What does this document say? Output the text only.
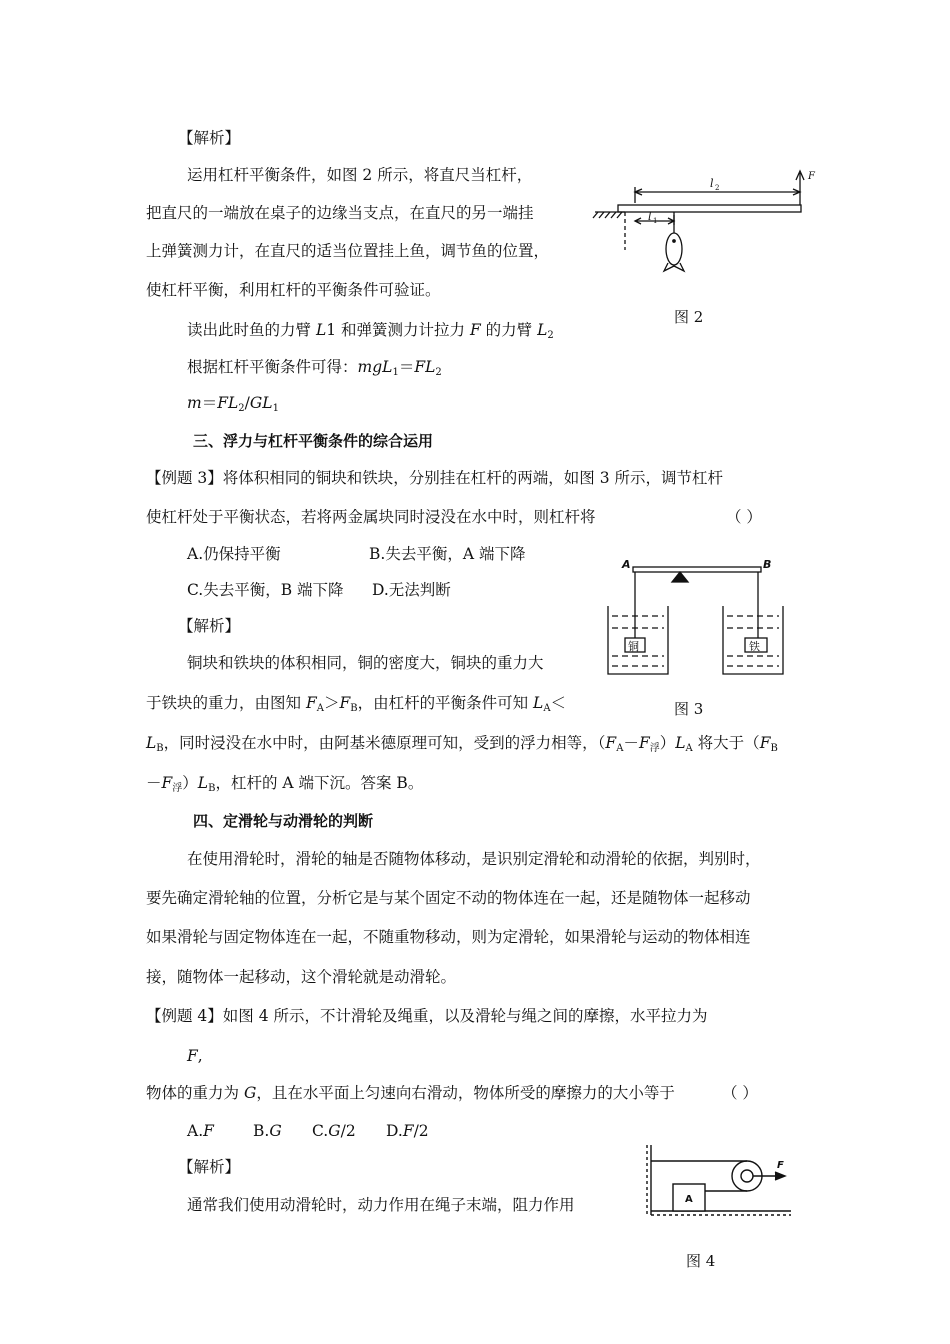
【解析】
运用杠杆平衡条件，如图 2 所示，将直尺当杠杆，
把直尺的一端放在桌子的边缘当支点，在直尺的另一端挂
上弹簧测力计，在直尺的适当位置挂上鱼，调节鱼的位置，
使杠杆平衡，利用杠杆的平衡条件可验证。
读出此时鱼的力臂 L1 和弹簧测力计拉力 F 的力臂 $L_2$
根据杠杆平衡条件可得：$mgL_1=FL_2$
$m=FL_2/GL_1$
F
l 2
l 1
图 2
三、浮力与杠杆平衡条件的综合运用
【例题 3】将体积相同的铜块和铁块，分别挂在杠杆的两端，如图 3 所示，调节杠杆
使杠杆处于平衡状态，若将两金属块同时浸没在水中时，则杠杆将	（ ）
A.仍保持平衡	B.失去平衡，A 端下降
C.失去平衡，B 端下降 D.无法判断
【解析】
铜块和铁块的体积相同，铜的密度大，铜块的重力大
于铁块的重力，由图知 $F_A>F_B$，由杠杆的平衡条件可知 $L_A<$
$L_B$，同时浸没在水中时，由阿基米德原理可知，受到的浮力相等，$(F_A-F_浮)L_A$ 将大于（$F_B$
$-F_浮)L_B$，杠杆的 A 端下沉。答案 B。
A	B
铜	铁
图 3
四、定滑轮与动滑轮的判断
在使用滑轮时，滑轮的轴是否随物体移动，是识别定滑轮和动滑轮的依据，判别时，
要先确定滑轮轴的位置，分析它是与某个固定不动的物体连在一起，还是随物体一起移动
如果滑轮与固定物体连在一起，不随重物移动，则为定滑轮，如果滑轮与运动的物体相连
接，随物体一起移动，这个滑轮就是动滑轮。
【例题 4】如图 4 所示，不计滑轮及绳重，以及滑轮与绳之间的摩擦，水平拉力为
F,
物体的重力为 G，且在水平面上匀速向右滑动，物体所受的摩擦力的大小等于	（ ）
A.F	B.G C.G/2 D.F/2
【解析】
通常我们使用动滑轮时，动力作用在绳子末端，阻力作用	A
F
图 4
